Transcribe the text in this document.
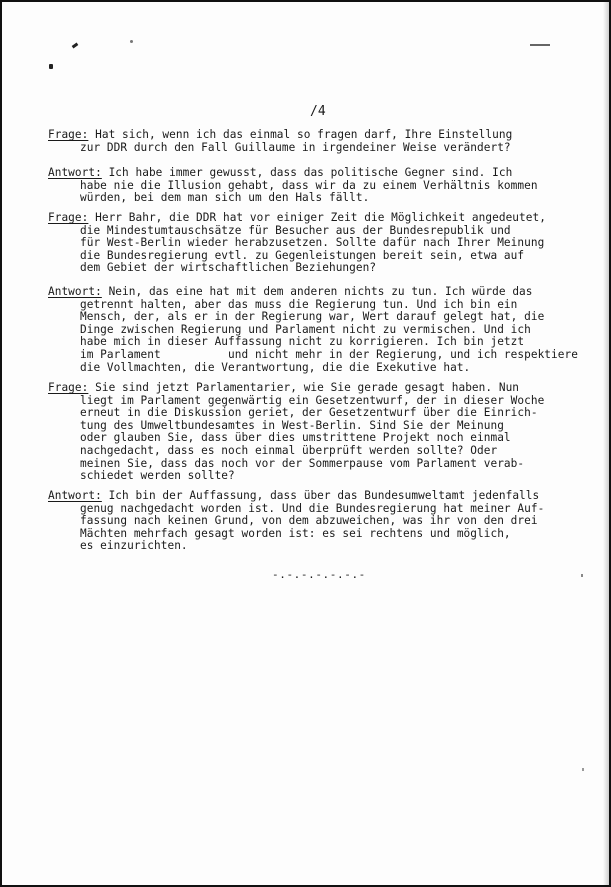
/4
Frage: Hat sich, wenn ich das einmal so fragen darf, Ihre Einstellung
zur DDR durch den Fall Guillaume in irgendeiner Weise verändert?
Antwort: Ich habe immer gewusst, dass das politische Gegner sind. Ich
habe nie die Illusion gehabt, dass wir da zu einem Verhältnis kommen
würden, bei dem man sich um den Hals fällt.
Frage: Herr Bahr, die DDR hat vor einiger Zeit die Möglichkeit angedeutet,
die Mindestumtauschsätze für Besucher aus der Bundesrepublik und
für West-Berlin wieder herabzusetzen. Sollte dafür nach Ihrer Meinung
die Bundesregierung evtl. zu Gegenleistungen bereit sein, etwa auf
dem Gebiet der wirtschaftlichen Beziehungen?
Antwort: Nein, das eine hat mit dem anderen nichts zu tun. Ich würde das
getrennt halten, aber das muss die Regierung tun. Und ich bin ein
Mensch, der, als er in der Regierung war, Wert darauf gelegt hat, die
Dinge zwischen Regierung und Parlament nicht zu vermischen. Und ich
habe mich in dieser Auffassung nicht zu korrigieren. Ich bin jetzt
im Parlament          und nicht mehr in der Regierung, und ich respektiere
die Vollmachten, die Verantwortung, die die Exekutive hat.
Frage: Sie sind jetzt Parlamentarier, wie Sie gerade gesagt haben. Nun
liegt im Parlament gegenwärtig ein Gesetzentwurf, der in dieser Woche
erneut in die Diskussion geriet, der Gesetzentwurf über die Einrich-
tung des Umweltbundesamtes in West-Berlin. Sind Sie der Meinung
oder glauben Sie, dass über dies umstrittene Projekt noch einmal
nachgedacht, dass es noch einmal überprüft werden sollte? Oder
meinen Sie, dass das noch vor der Sommerpause vom Parlament verab-
schiedet werden sollte?
Antwort: Ich bin der Auffassung, dass über das Bundesumweltamt jedenfalls
genug nachgedacht worden ist. Und die Bundesregierung hat meiner Auf-
fassung nach keinen Grund, von dem abzuweichen, was ihr von den drei
Mächten mehrfach gesagt worden ist: es sei rechtens und möglich,
es einzurichten.
-.-.-.-.-.-.-
